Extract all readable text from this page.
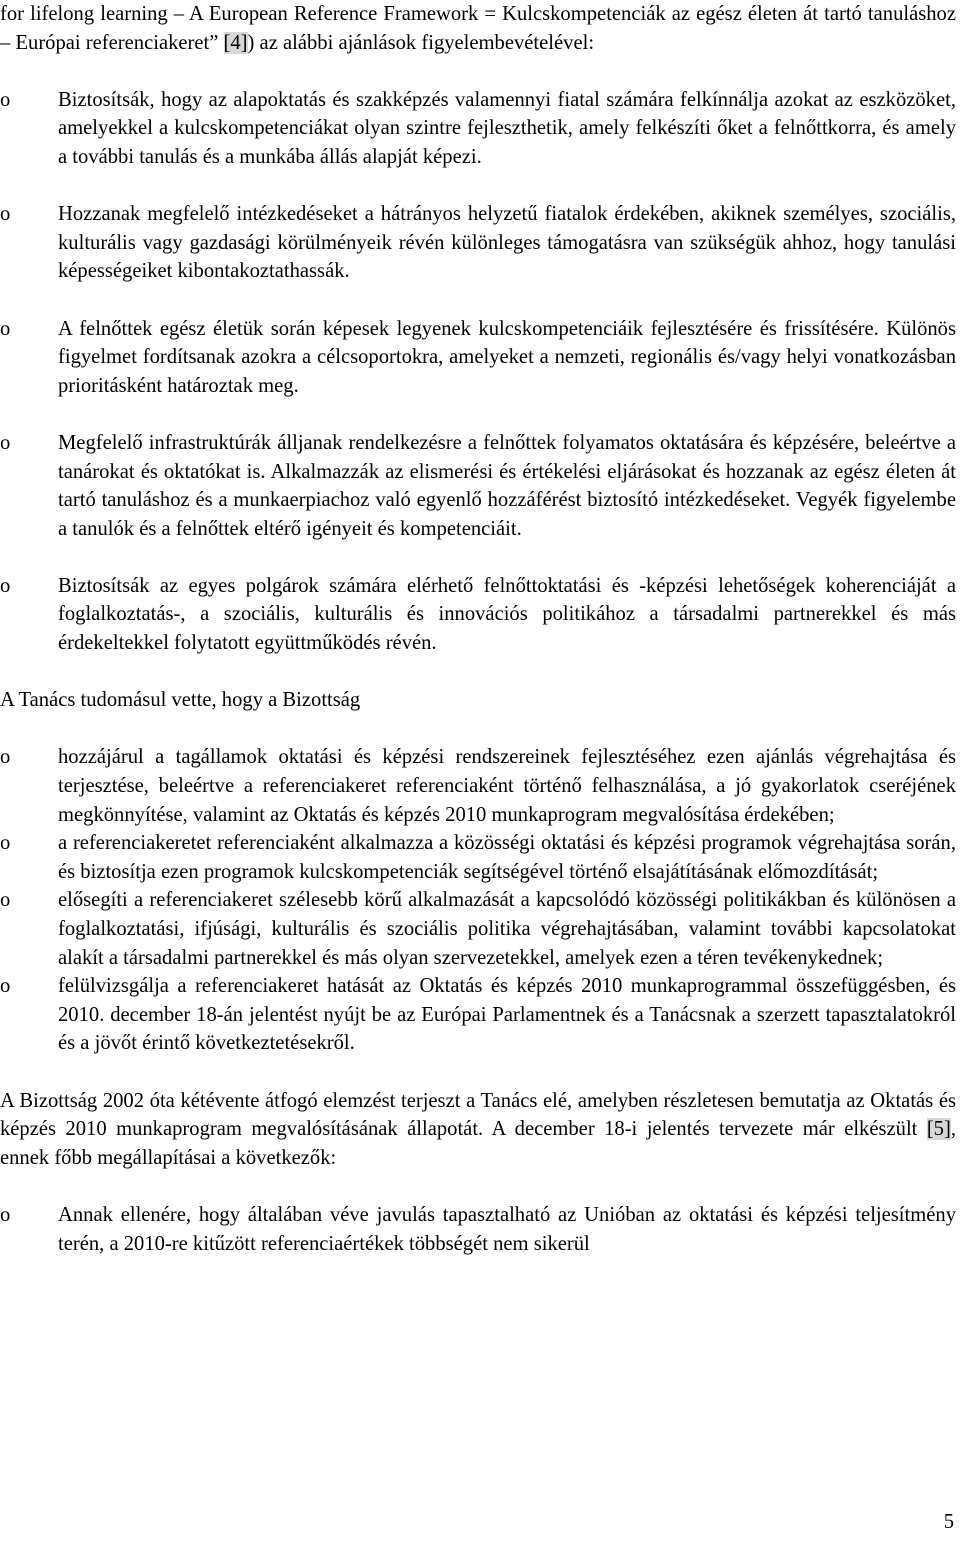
for lifelong learning – A European Reference Framework = Kulcskompetenciák az egész életen át tartó tanuláshoz – Európai referenciakeret” [4]) az alábbi ajánlások figyelembevételével:

o Biztosítsák, hogy az alapoktatás és szakképzés valamennyi fiatal számára felkínnálja azokat az eszközöket, amelyekkel a kulcskompetenciákat olyan szintre fejleszthetik, amely felkészíti őket a felnőttkorra, és amely a további tanulás és a munkába állás alapját képezi.
o Hozzanak megfelelő intézkedéseket a hátrányos helyzetű fiatalok érdekében, akiknek személyes, szociális, kulturális vagy gazdasági körülményeik révén különleges támogatásra van szükségük ahhoz, hogy tanulási képességeiket kibontakoztathassák.
o A felnőttek egész életük során képesek legyenek kulcskompetenciáik fejlesztésére és frissítésére. Különös figyelmet fordítsanak azokra a célcsoportokra, amelyeket a nemzeti, regionális és/vagy helyi vonatkozásban prioritásként határoztak meg.
o Megfelelő infrastruktúrák álljanak rendelkezésre a felnőttek folyamatos oktatására és képzésére, beleértve a tanárokat és oktatókat is. Alkalmazzák az elismerési és értékelési eljárásokat és hozzanak az egész életen át tartó tanuláshoz és a munkaerpiachoz való egyenlő hozzáférést biztosító intézkedéseket. Vegyék figyelembe a tanulók és a felnőttek eltérő igényeit és kompetenciáit.
o Biztosítsák az egyes polgárok számára elérhető felnőttoktatási és -képzési lehetőségek koherenciáját a foglalkoztatás-, a szociális, kulturális és innovációs politikához a társadalmi partnerekkel és más érdekeltekkel folytatott együttműködés révén.

A Tanács tudomásul vette, hogy a Bizottság

o hozzájárul a tagállamok oktatási és képzési rendszereinek fejlesztéséhez ezen ajánlás végrehajtása és terjesztése, beleértve a referenciakeret referenciaként történő felhasználása, a jó gyakorlatok cseréjének megkönnyítése, valamint az Oktatás és képzés 2010 munkaprogram megvalósítása érdekében;
o a referenciakeretet referenciaként alkalmazza a közösségi oktatási és képzési programok végrehajtása során, és biztosítja ezen programok kulcskompetenciák segítségével történő elsajátításának előmozdítását;
o elősegíti a referenciakeret szélesebb körű alkalmazását a kapcsolódó közösségi politikákban és különösen a foglalkoztatási, ifjúsági, kulturális és szociális politika végrehajtásában, valamint további kapcsolatokat alakít a társadalmi partnerekkel és más olyan szervezetekkel, amelyek ezen a téren tevékenykednek;
o felülvizsgálja a referenciakeret hatását az Oktatás és képzés 2010 munkaprogrammal összefüggésben, és 2010. december 18-án jelentést nyújt be az Európai Parlamentnek és a Tanácsnak a szerzett tapasztalatokról és a jövőt érintő következtetésekről.

A Bizottság 2002 óta kétévente átfogó elemzést terjeszt a Tanács elé, amelyben részletesen bemutatja az Oktatás és képzés 2010 munkaprogram megvalósításának állapotát. A december 18-i jelentés tervezete már elkészült [5], ennek főbb megállapításai a következők:

o Annak ellenére, hogy általában véve javulás tapasztalható az Unióban az oktatási és képzési teljesítmény terén, a 2010-re kitűzött referenciaértékek többségét nem sikerül
5
